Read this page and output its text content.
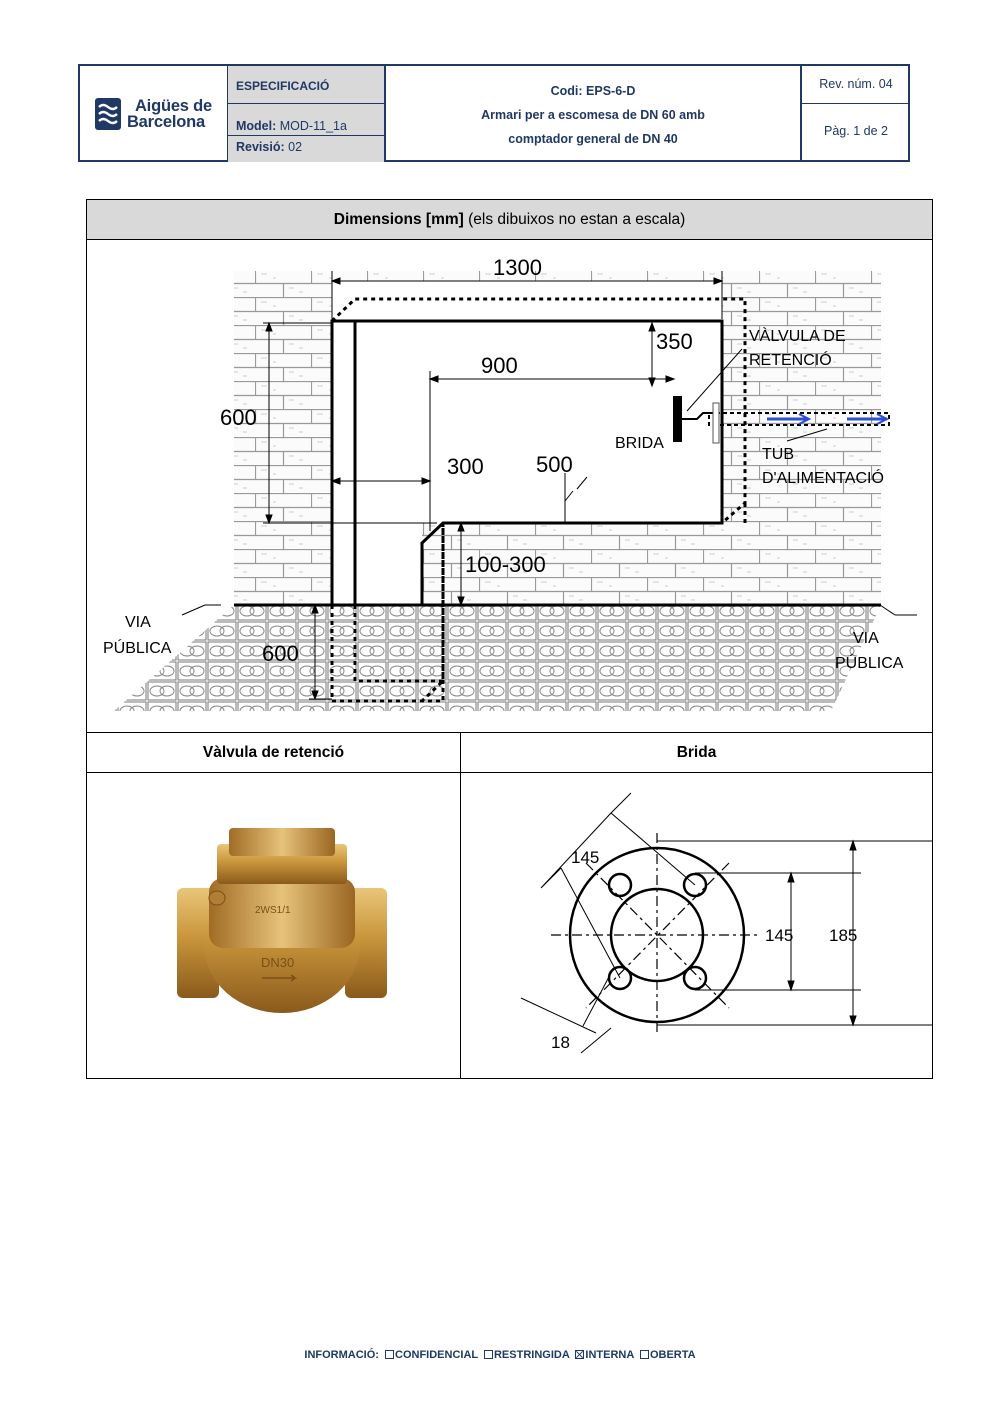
Aigües de
Barcelona
ESPECIFICACIÓ
Model: MOD-11_1a
Revisió: 02
Codi: EPS-6-D
Armari per a escomesa de DN 60 amb
comptador general de DN 40
Rev. núm. 04
Pàg. 1 de 2
Dimensions [mm] (els dibuixos no estan a escala)
1300
350
900
600
300 500
100-300
600
VÀLVULA DE
RETENCIÓ
BRIDA
TUB
D'ALIMENTACIÓ
VIA
PÚBLICA
VIA
PÚBLICA
Vàlvula de retenció	Brida
2WS1/1
DN30
145
145 185
18
INFORMACIÓ: CONFIDENCIAL RESTRINGIDA INTERNA OBERTA
